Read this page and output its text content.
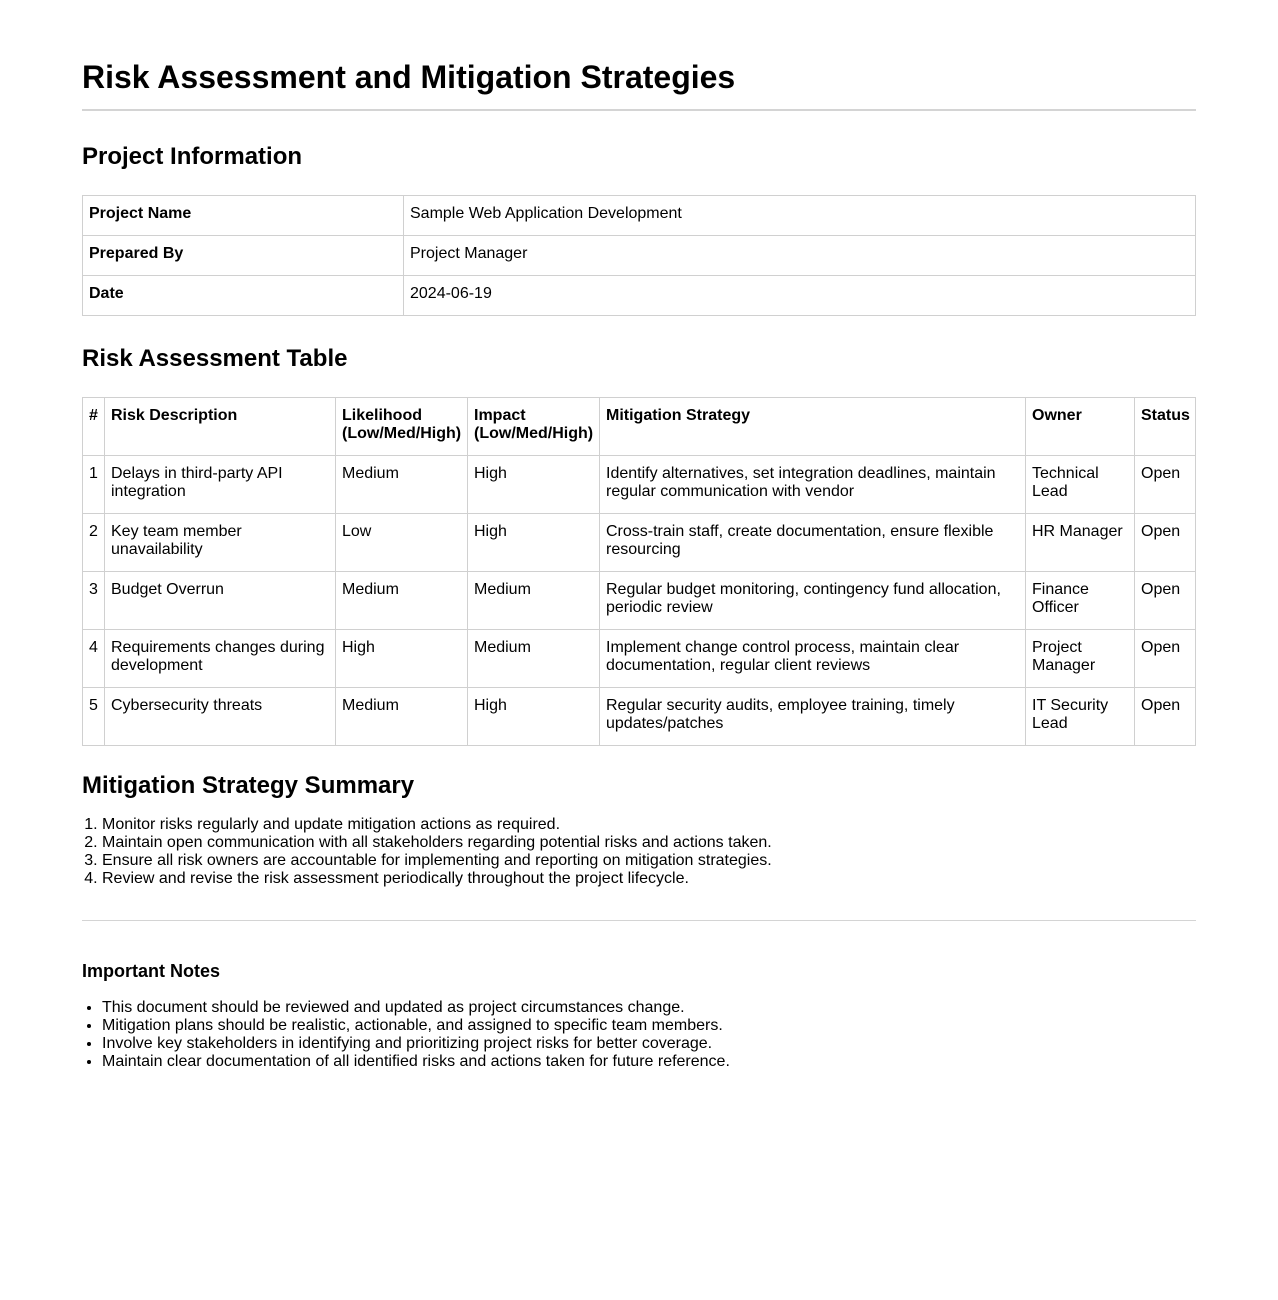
Risk Assessment and Mitigation Strategies
Project Information
Project Name	Sample Web Application Development
Prepared By	Project Manager
Date	2024-06-19
Risk Assessment Table
#	Risk Description	Likelihood (Low/Med/High)	Impact (Low/Med/High)	Mitigation Strategy	Owner	Status
1	Delays in third-party API integration	Medium	High	Identify alternatives, set integration deadlines, maintain regular communication with vendor	Technical Lead	Open
2	Key team member unavailability	Low	High	Cross-train staff, create documentation, ensure flexible resourcing	HR Manager	Open
3	Budget Overrun	Medium	Medium	Regular budget monitoring, contingency fund allocation, periodic review	Finance Officer	Open
4	Requirements changes during development	High	Medium	Implement change control process, maintain clear documentation, regular client reviews	Project Manager	Open
5	Cybersecurity threats	Medium	High	Regular security audits, employee training, timely updates/patches	IT Security Lead	Open
Mitigation Strategy Summary
1. Monitor risks regularly and update mitigation actions as required.
2. Maintain open communication with all stakeholders regarding potential risks and actions taken.
3. Ensure all risk owners are accountable for implementing and reporting on mitigation strategies.
4. Review and revise the risk assessment periodically throughout the project lifecycle.
Important Notes
• This document should be reviewed and updated as project circumstances change.
• Mitigation plans should be realistic, actionable, and assigned to specific team members.
• Involve key stakeholders in identifying and prioritizing project risks for better coverage.
• Maintain clear documentation of all identified risks and actions taken for future reference.
